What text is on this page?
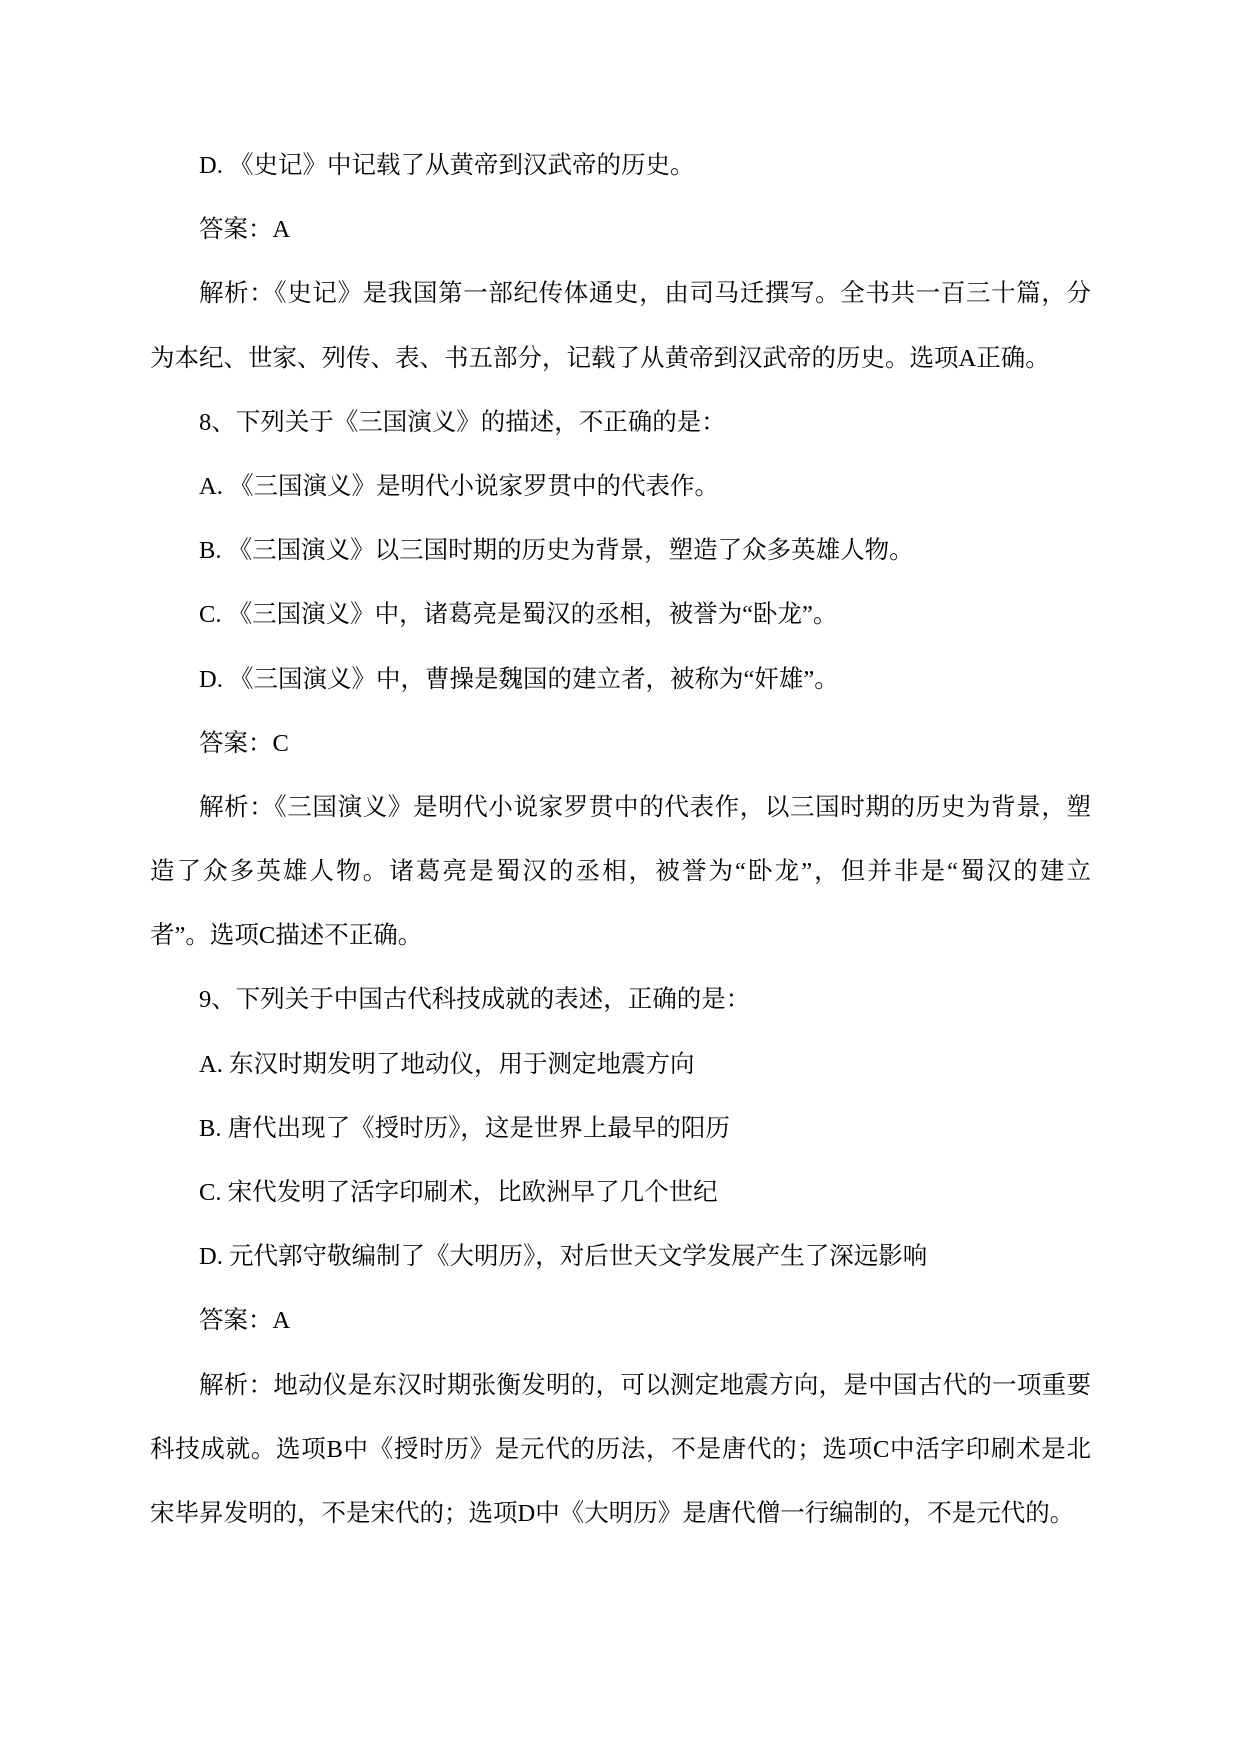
D. 《史记》中记载了从黄帝到汉武帝的历史。
答案：A
解析：《史记》是我国第一部纪传体通史，由司马迁撰写。全书共一百三十篇，分
为本纪、世家、列传、表、书五部分，记载了从黄帝到汉武帝的历史。选项A正确。
8、下列关于《三国演义》的描述，不正确的是：
A. 《三国演义》是明代小说家罗贯中的代表作。
B. 《三国演义》以三国时期的历史为背景，塑造了众多英雄人物。
C. 《三国演义》中，诸葛亮是蜀汉的丞相，被誉为“卧龙”。
D. 《三国演义》中，曹操是魏国的建立者，被称为“奸雄”。
答案：C
解析：《三国演义》是明代小说家罗贯中的代表作，以三国时期的历史为背景，塑
造了众多英雄人物。诸葛亮是蜀汉的丞相，被誉为“卧龙”，但并非是“蜀汉的建立
者”。选项C描述不正确。
9、下列关于中国古代科技成就的表述，正确的是：
A. 东汉时期发明了地动仪，用于测定地震方向
B. 唐代出现了《授时历》，这是世界上最早的阳历
C. 宋代发明了活字印刷术，比欧洲早了几个世纪
D. 元代郭守敬编制了《大明历》，对后世天文学发展产生了深远影响
答案：A
解析：地动仪是东汉时期张衡发明的，可以测定地震方向，是中国古代的一项重要
科技成就。选项B中《授时历》是元代的历法，不是唐代的；选项C中活字印刷术是北
宋毕昇发明的，不是宋代的；选项D中《大明历》是唐代僧一行编制的，不是元代的。
